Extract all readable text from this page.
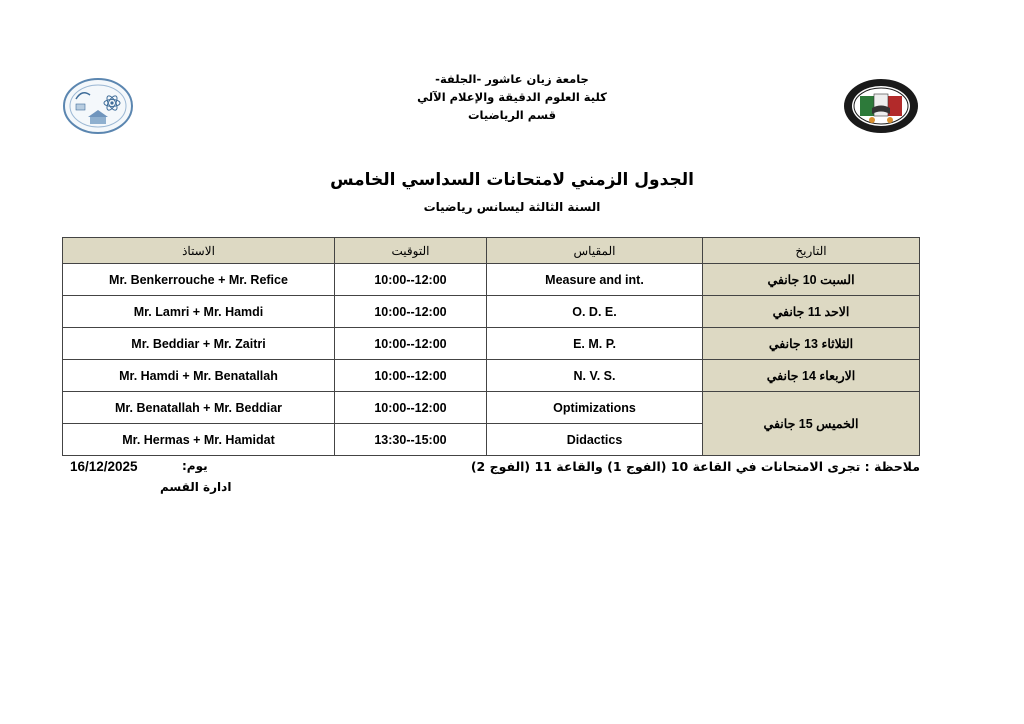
جامعة زيان عاشور -الجلفة-
كلية العلوم الدقيقة والإعلام الآلي
قسم الرياضيات
الجدول الزمني لامتحانات السداسي الخامس
السنة الثالثة ليسانس رياضيات
الاستاذ	التوقيت	المقياس	التاريخ
Mr. Benkerrouche + Mr. Refice	10:00--12:00	Measure and int.	السبت 10 جانفي
Mr. Lamri + Mr. Hamdi	10:00--12:00	O. D. E.	الاحد 11 جانفي
Mr. Beddiar + Mr. Zaitri	10:00--12:00	E. M. P.	الثلاثاء 13 جانفي
Mr. Hamdi + Mr. Benatallah	10:00--12:00	N. V. S.	الاربعاء 14 جانفي
Mr. Benatallah + Mr. Beddiar	10:00--12:00	Optimizations	الخميس 15 جانفي
Mr. Hermas + Mr. Hamidat	13:30--15:00	Didactics	
ملاحظة : تجرى الامتحانات في القاعة 10 (الفوج 1) والقاعة 11 (الفوج 2)
يوم:
16/12/2025
ادارة القسم
